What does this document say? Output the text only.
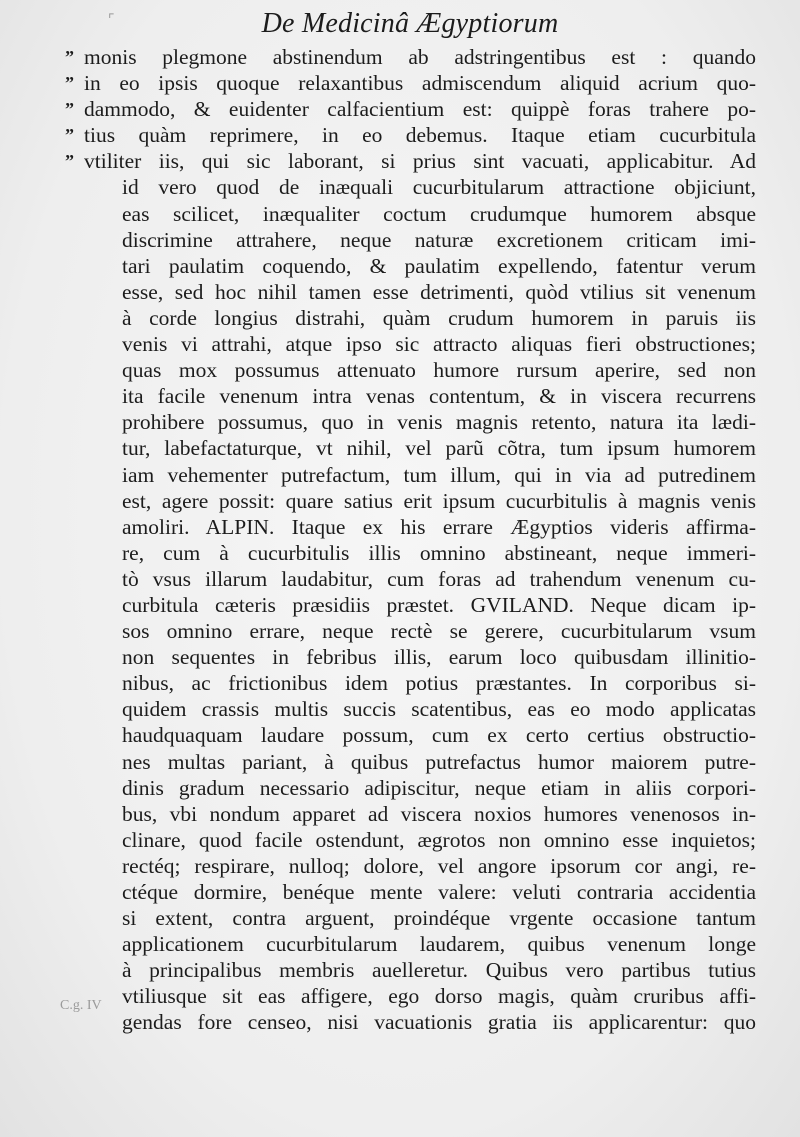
⌜
C.g. IV
De Medicinâ Ægyptiorum
” monis plegmone abstinendum ab adstringentibus est : quando
” in eo ipsis quoque relaxantibus admiscendum aliquid acrium quo-
” dammodo, & euidenter calfacientium est: quippè foras trahere po-
” tius quàm reprimere, in eo debemus. Itaque etiam cucurbitula
” vtiliter iis, qui sic laborant, si prius sint vacuati, applicabitur. Ad
id vero quod de inæquali cucurbitularum attractione objiciunt,
eas scilicet, inæqualiter coctum crudumque humorem absque
discrimine attrahere, neque naturæ excretionem criticam imi-
tari paulatim coquendo, & paulatim expellendo, fatentur verum
esse, sed hoc nihil tamen esse detrimenti, quòd vtilius sit venenum
à corde longius distrahi, quàm crudum humorem in paruis iis
venis vi attrahi, atque ipso sic attracto aliquas fieri obstructiones;
quas mox possumus attenuato humore rursum aperire, sed non
ita facile venenum intra venas contentum, & in viscera recurrens
prohibere possumus, quo in venis magnis retento, natura ita lædi-
tur, labefactaturque, vt nihil, vel parũ cõtra, tum ipsum humorem
iam vehementer putrefactum, tum illum, qui in via ad putredinem
est, agere possit: quare satius erit ipsum cucurbitulis à magnis venis
amoliri. ALPIN. Itaque ex his errare Ægyptios videris affirma-
re, cum à cucurbitulis illis omnino abstineant, neque immeri-
tò vsus illarum laudabitur, cum foras ad trahendum venenum cu-
curbitula cæteris præsidiis præstet. GVILAND. Neque dicam ip-
sos omnino errare, neque rectè se gerere, cucurbitularum vsum
non sequentes in febribus illis, earum loco quibusdam illinitio-
nibus, ac frictionibus idem potius præstantes. In corporibus si-
quidem crassis multis succis scatentibus, eas eo modo applicatas
haudquaquam laudare possum, cum ex certo certius obstructio-
nes multas pariant, à quibus putrefactus humor maiorem putre-
dinis gradum necessario adipiscitur, neque etiam in aliis corpori-
bus, vbi nondum apparet ad viscera noxios humores venenosos in-
clinare, quod facile ostendunt, ægrotos non omnino esse inquietos;
rectéq; respirare, nulloq; dolore, vel angore ipsorum cor angi, re-
ctéque dormire, benéque mente valere: veluti contraria accidentia
si extent, contra arguent, proindéque vrgente occasione tantum
applicationem cucurbitularum laudarem, quibus venenum longe
à principalibus membris auelleretur. Quibus vero partibus tutius
vtiliusque sit eas affigere, ego dorso magis, quàm cruribus affi-
gendas fore censeo, nisi vacuationis gratia iis applicarentur: quo
